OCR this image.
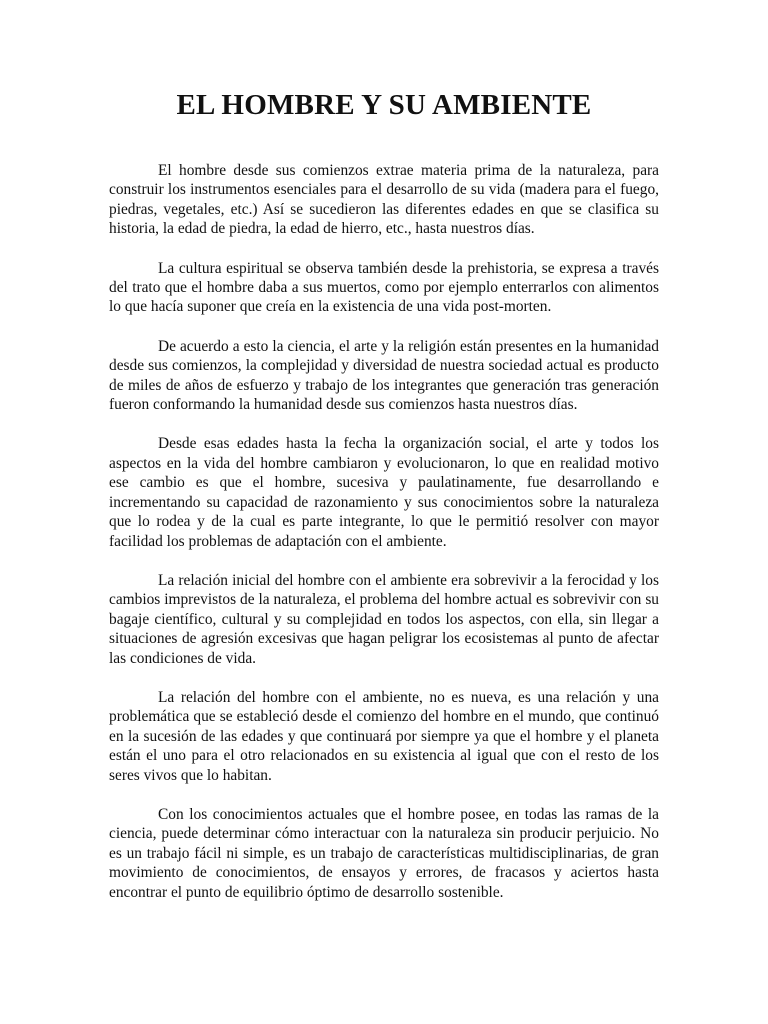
EL HOMBRE Y SU AMBIENTE

El hombre desde sus comienzos extrae materia prima de la naturaleza, para construir los instrumentos esenciales para el desarrollo de su vida (madera para el fuego, piedras, vegetales, etc.) Así se sucedieron las diferentes edades en que se clasifica su historia, la edad de piedra, la edad de hierro, etc., hasta nuestros días.

La cultura espiritual se observa también desde la prehistoria, se expresa a través del trato que el hombre daba a sus muertos, como por ejemplo enterrarlos con alimentos lo que hacía suponer que creía en la existencia de una vida post-morten.

De acuerdo a esto la ciencia, el arte y la religión están presentes en la humanidad desde sus comienzos, la complejidad y diversidad de nuestra sociedad actual es producto de miles de años de esfuerzo y trabajo de los integrantes que generación tras generación fueron conformando la humanidad desde sus comienzos hasta nuestros días.

Desde esas edades hasta la fecha la organización social, el arte y todos los aspectos en la vida del hombre cambiaron y evolucionaron, lo que en realidad motivo ese cambio es que el hombre, sucesiva y paulatinamente, fue desarrollando e incrementando su capacidad de razonamiento y sus conocimientos sobre la naturaleza que lo rodea y de la cual es parte integrante, lo que le permitió resolver con mayor facilidad los problemas de adaptación con el ambiente.

La relación inicial del hombre con el ambiente era sobrevivir a la ferocidad y los cambios imprevistos de la naturaleza, el problema del hombre actual es sobrevivir con su bagaje científico, cultural y su complejidad en todos los aspectos, con ella, sin llegar a situaciones de agresión excesivas que hagan peligrar los ecosistemas al punto de afectar las condiciones de vida.

La relación del hombre con el ambiente, no es nueva, es una relación y una problemática que se estableció desde el comienzo del hombre en el mundo, que continuó en la sucesión de las edades y que continuará por siempre ya que el hombre y el planeta están el uno para el otro relacionados en su existencia al igual que con el resto de los seres vivos que lo habitan.

Con los conocimientos actuales que el hombre posee, en todas las ramas de la ciencia, puede determinar cómo interactuar con la naturaleza sin producir perjuicio. No es un trabajo fácil ni simple, es un trabajo de características multidisciplinarias, de gran movimiento de conocimientos, de ensayos y errores, de fracasos y aciertos hasta encontrar el punto de equilibrio óptimo de desarrollo sostenible.
